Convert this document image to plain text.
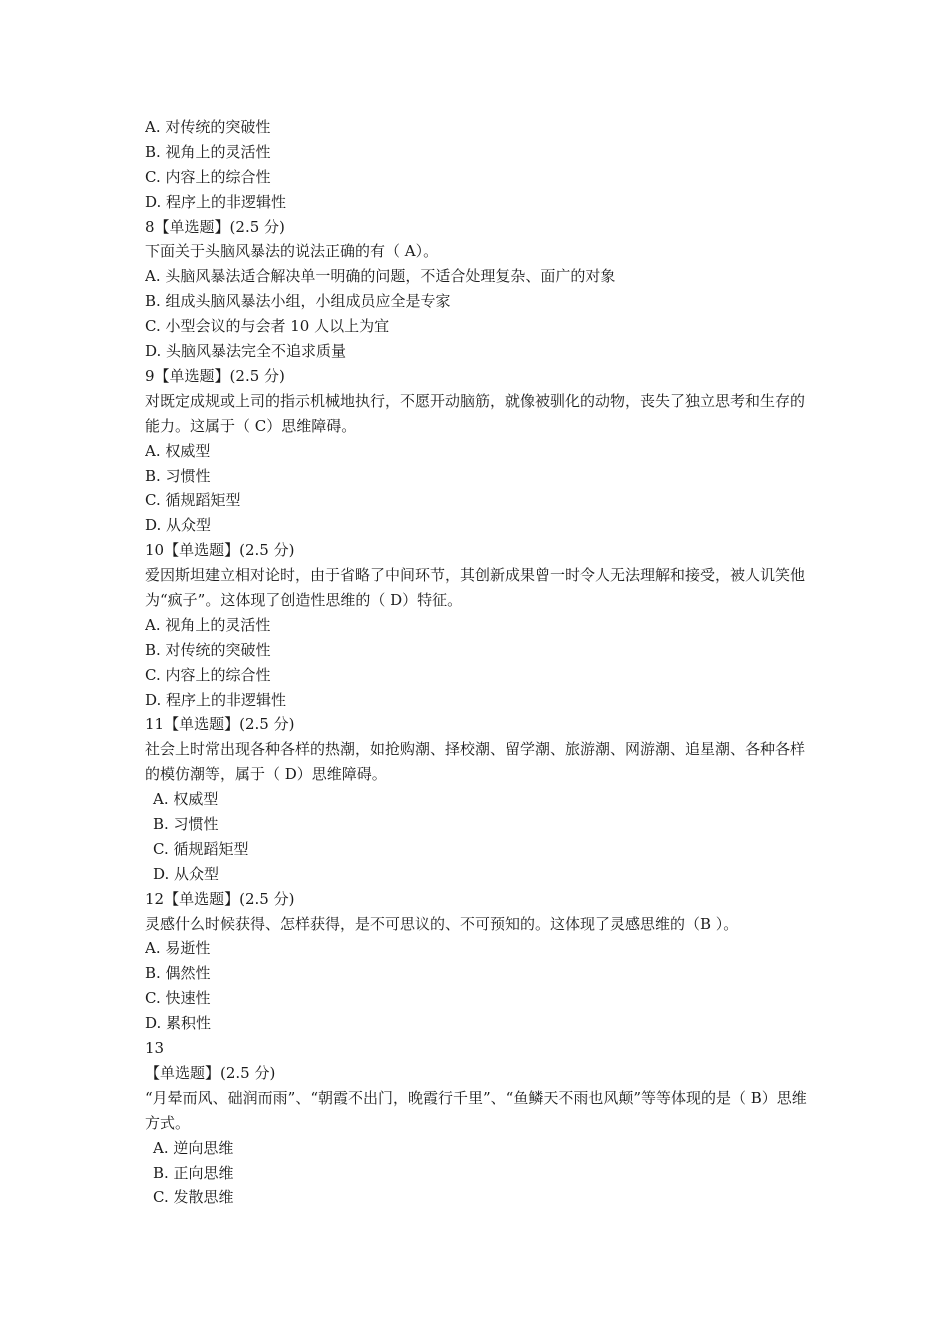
A. 对传统的突破性
B. 视角上的灵活性
C. 内容上的综合性
D. 程序上的非逻辑性
8【单选题】(2.5 分)
下面关于头脑风暴法的说法正确的有（ A）。
A. 头脑风暴法适合解决单一明确的问题，不适合处理复杂、面广的对象
B. 组成头脑风暴法小组，小组成员应全是专家
C. 小型会议的与会者 10 人以上为宜
D. 头脑风暴法完全不追求质量
9【单选题】(2.5 分)
对既定成规或上司的指示机械地执行，不愿开动脑筋，就像被驯化的动物，丧失了独立思考和生存的能力。这属于（ C）思维障碍。
A. 权威型
B. 习惯性
C. 循规蹈矩型
D. 从众型
10【单选题】(2.5 分)
爱因斯坦建立相对论时，由于省略了中间环节，其创新成果曾一时令人无法理解和接受，被人讥笑他为“疯子”。这体现了创造性思维的（ D）特征。
A. 视角上的灵活性
B. 对传统的突破性
C. 内容上的综合性
D. 程序上的非逻辑性
11【单选题】(2.5 分)
社会上时常出现各种各样的热潮，如抢购潮、择校潮、留学潮、旅游潮、网游潮、追星潮、各种各样的模仿潮等，属于（ D）思维障碍。
A. 权威型
B. 习惯性
C. 循规蹈矩型
D. 从众型
12【单选题】(2.5 分)
灵感什么时候获得、怎样获得，是不可思议的、不可预知的。这体现了灵感思维的（B ）。
A. 易逝性
B. 偶然性
C. 快速性
D. 累积性
13
【单选题】(2.5 分)
“月晕而风、础润而雨”、“朝霞不出门，晚霞行千里”、“鱼鳞天不雨也风颠”等等体现的是（ B）思维方式。
A. 逆向思维
B. 正向思维
C. 发散思维
